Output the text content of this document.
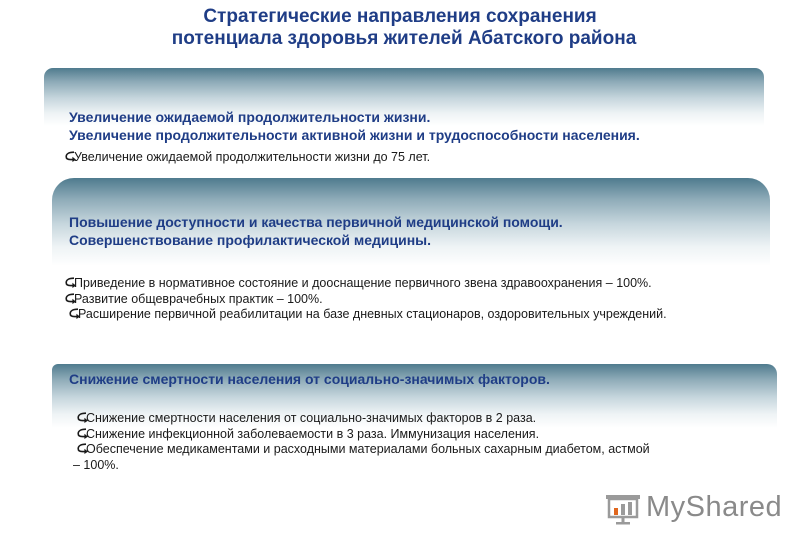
Стратегические направления сохранения
потенциала здоровья жителей Абатского района
Увеличение ожидаемой продолжительности жизни.
Увеличение продолжительности активной жизни и трудоспособности населения.
Увеличение ожидаемой продолжительности жизни до 75 лет.
Повышение доступности и качества первичной медицинской помощи.
Совершенствование профилактической медицины.
Приведение в нормативное состояние и дооснащение первичного звена здравоохранения – 100%.
Развитие общеврачебных практик – 100%.
Расширение первичной реабилитации на базе дневных стационаров, оздоровительных учреждений.
Снижение смертности населения от социально-значимых факторов.
Снижение смертности населения от социально-значимых факторов в 2 раза.
Снижение инфекционной заболеваемости в 3 раза. Иммунизация населения.
Обеспечение медикаментами и расходными материалами больных сахарным диабетом, астмой
– 100%.
MyShared
